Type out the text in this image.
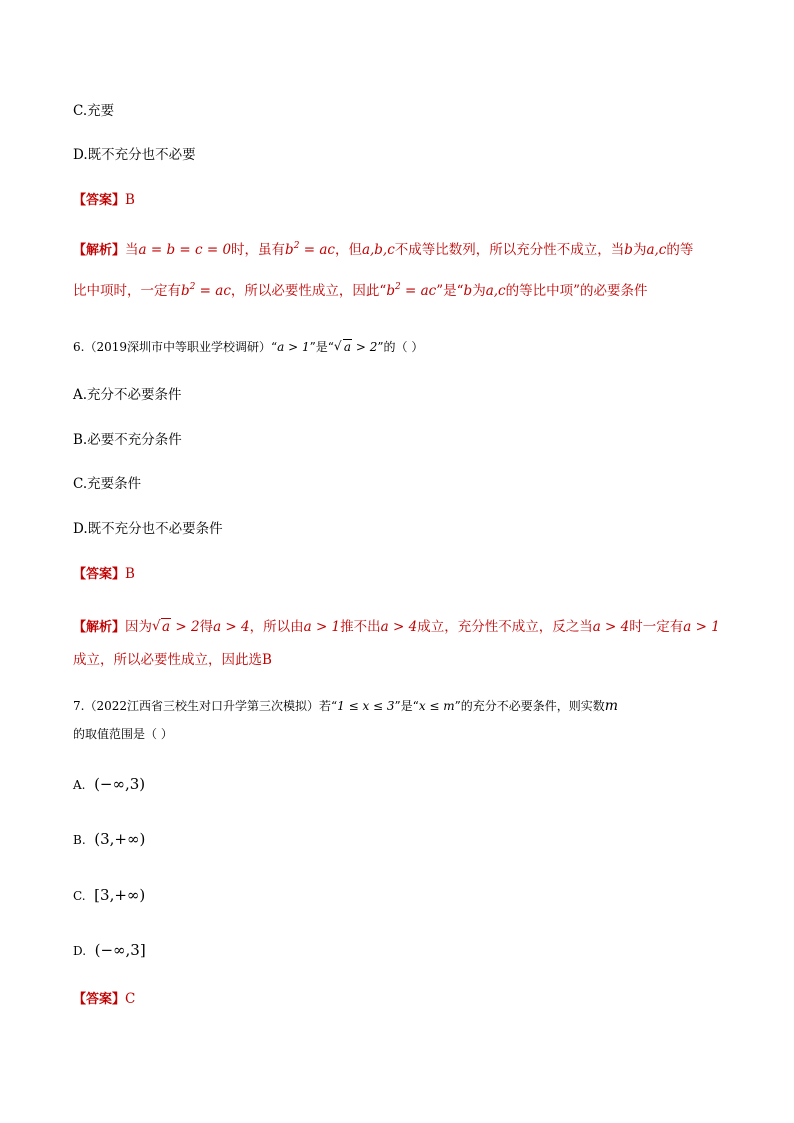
C.充要
D.既不充分也不必要
【答案】B
【解析】当a = b = c = 0时，虽有$b^2$ = ac，但a,b,c不成等比数列，所以充分性不成立，当b为a,c的等
比中项时，一定有$b^2$ = ac，所以必要性成立，因此“$b^2$ = ac”是“b为a,c的等比中项”的必要条件
6.（2019深圳市中等职业学校调研）“a > 1”是“ √ a > 2”的（ ）
A.充分不必要条件
B.必要不充分条件
C.充要条件
D.既不充分也不必要条件
【答案】B
【解析】因为 √ a > 2得a > 4，所以由a > 1推不出a > 4成立，充分性不成立，反之当a > 4时一定有a > 1
成立，所以必要性成立，因此选B
7.（2022江西省三校生对口升学第三次模拟）若“1 ≤ x ≤ 3”是“x ≤ m”的充分不必要条件，则实数m
的取值范围是（ ）
A. (−∞,3)
B. (3,+∞)
C. [3,+∞)
D. (−∞,3]
【答案】C
